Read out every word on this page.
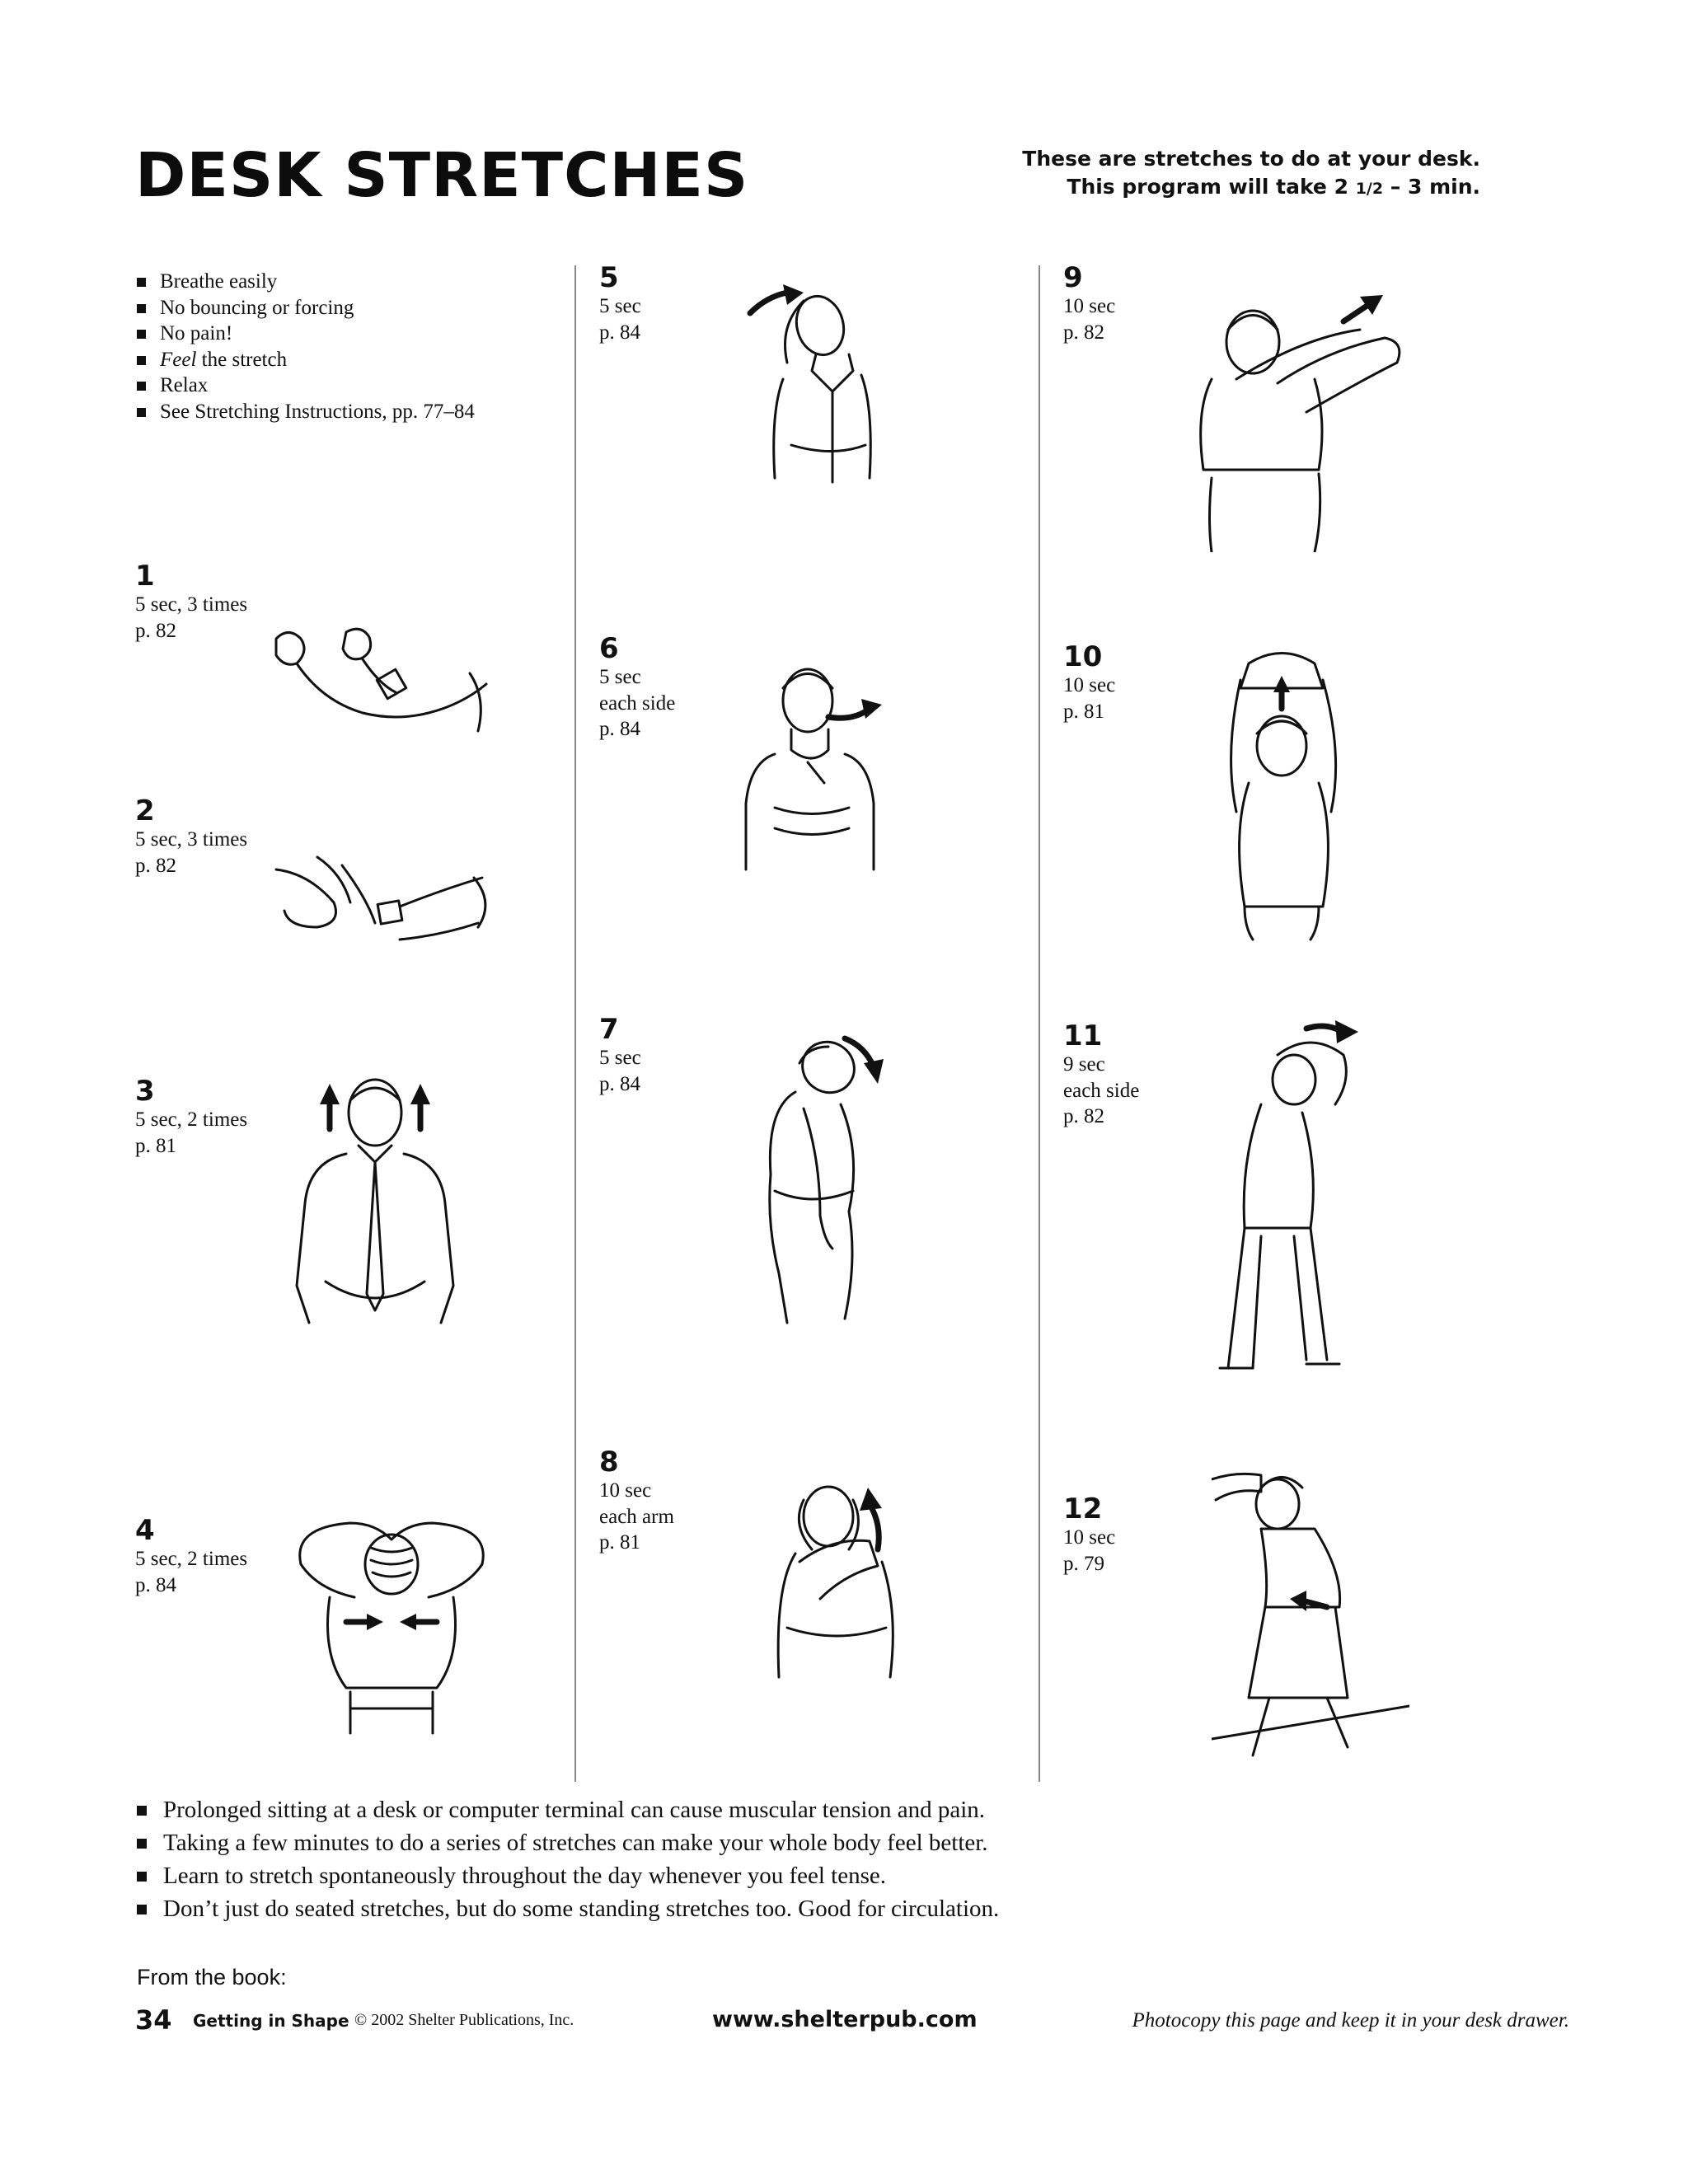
DESK STRETCHES	These are stretches to do at your desk.
This program will take 2 1/2 – 3 min.
Breathe easily
No bouncing or forcing
No pain!
Feel the stretch
Relax
See Stretching Instructions, pp. 77–84
1
5 sec, 3 times
p. 82
2
5 sec, 3 times
p. 82
3
5 sec, 2 times
p. 81
4
5 sec, 2 times
p. 84
5
5 sec
p. 84
6
5 sec
each side
p. 84
7
5 sec
p. 84
8
10 sec
each arm
p. 81
9
10 sec
p. 82
10
10 sec
p. 81
11
9 sec
each side
p. 82
12
10 sec
p. 79
Prolonged sitting at a desk or computer terminal can cause muscular tension and pain.
Taking a few minutes to do a series of stretches can make your whole body feel better.
Learn to stretch spontaneously throughout the day whenever you feel tense.
Don’t just do seated stretches, but do some standing stretches too. Good for circulation.
From the book:
34 Getting in Shape © 2002 Shelter Publications, Inc.	www.shelterpub.com	Photocopy this page and keep it in your desk drawer.
